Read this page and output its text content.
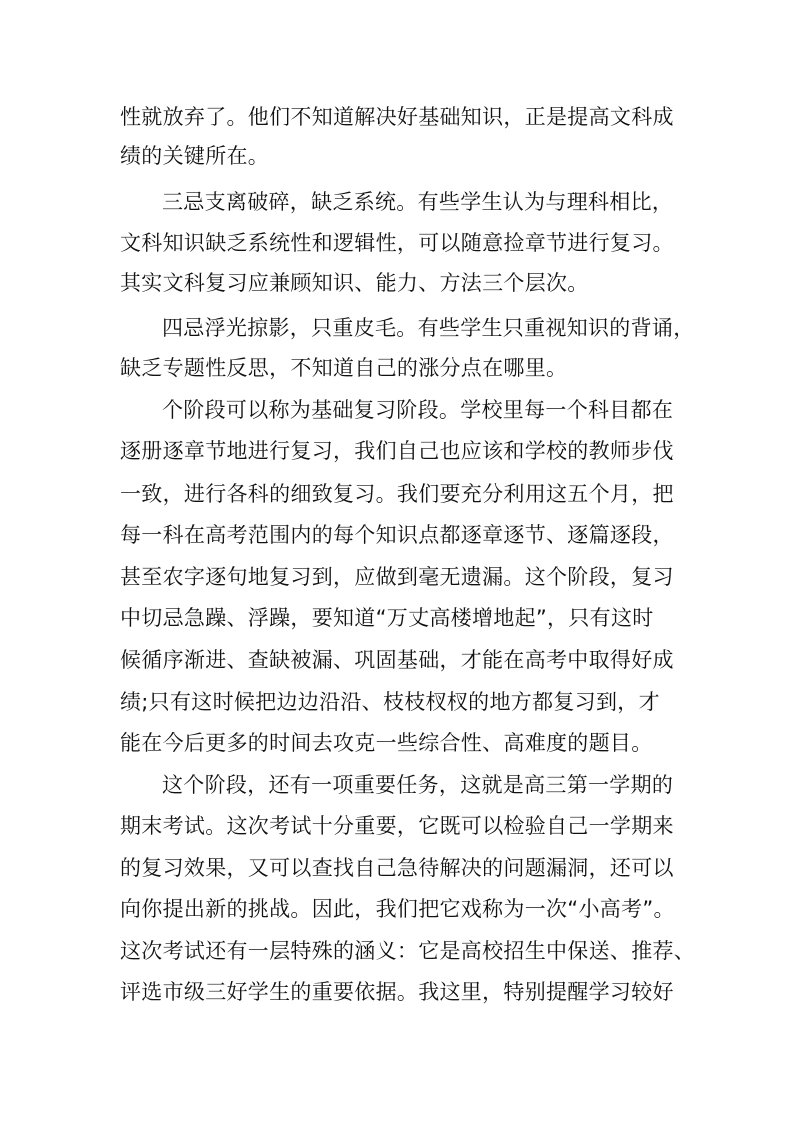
性就放弃了。他们不知道解决好基础知识，正是提高文科成
绩的关键所在。
三忌支离破碎，缺乏系统。有些学生认为与理科相比，
文科知识缺乏系统性和逻辑性，可以随意捡章节进行复习。
其实文科复习应兼顾知识、能力、方法三个层次。
四忌浮光掠影，只重皮毛。有些学生只重视知识的背诵，
缺乏专题性反思，不知道自己的涨分点在哪里。
个阶段可以称为基础复习阶段。学校里每一个科目都在
逐册逐章节地进行复习，我们自己也应该和学校的教师步伐
一致，进行各科的细致复习。我们要充分利用这五个月，把
每一科在高考范围内的每个知识点都逐章逐节、逐篇逐段，
甚至农字逐句地复习到，应做到毫无遗漏。这个阶段，复习
中切忌急躁、浮躁，要知道“万丈高楼增地起”，只有这时
候循序渐进、查缺被漏、巩固基础，才能在高考中取得好成
绩;只有这时候把边边沿沿、枝枝杈杈的地方都复习到，才
能在今后更多的时间去攻克一些综合性、高难度的题目。
这个阶段，还有一项重要任务，这就是高三第一学期的
期末考试。这次考试十分重要，它既可以检验自己一学期来
的复习效果，又可以查找自己急待解决的问题漏洞，还可以
向你提出新的挑战。因此，我们把它戏称为一次“小高考”。
这次考试还有一层特殊的涵义：它是高校招生中保送、推荐、
评选市级三好学生的重要依据。我这里，特别提醒学习较好
